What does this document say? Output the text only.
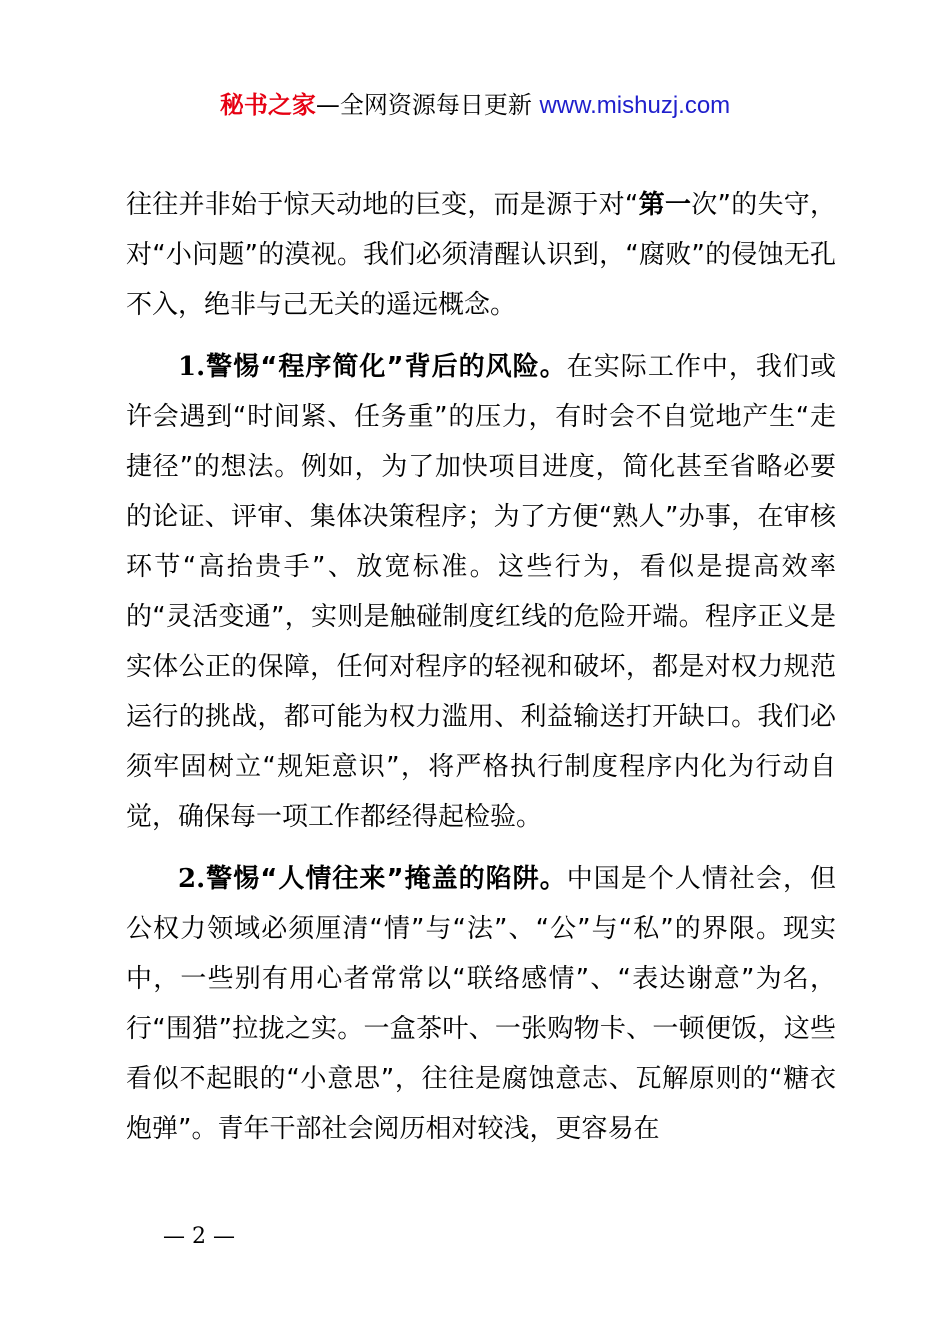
秘书之家—全网资源每日更新 www.mishuzj.com

往往并非始于惊天动地的巨变，而是源于对“第一次”的失守，对“小问题”的漠视。我们必须清醒认识到，“腐败”的侵蚀无孔不入，绝非与己无关的遥远概念。

1.警惕“程序简化”背后的风险。在实际工作中，我们或许会遇到“时间紧、任务重”的压力，有时会不自觉地产生“走捷径”的想法。例如，为了加快项目进度，简化甚至省略必要的论证、评审、集体决策程序；为了方便“熟人”办事，在审核环节“高抬贵手”、放宽标准。这些行为，看似是提高效率的“灵活变通”，实则是触碰制度红线的危险开端。程序正义是实体公正的保障，任何对程序的轻视和破坏，都是对权力规范运行的挑战，都可能为权力滥用、利益输送打开缺口。我们必须牢固树立“规矩意识”，将严格执行制度程序内化为行动自觉，确保每一项工作都经得起检验。

2.警惕“人情往来”掩盖的陷阱。中国是个人情社会，但公权力领域必须厘清“情”与“法”、“公”与“私”的界限。现实中，一些别有用心者常常以“联络感情”、“表达谢意”为名，行“围猎”拉拢之实。一盒茶叶、一张购物卡、一顿便饭，这些看似不起眼的“小意思”，往往是腐蚀意志、瓦解原则的“糖衣炮弹”。青年干部社会阅历相对较浅，更容易在

— 2 —
